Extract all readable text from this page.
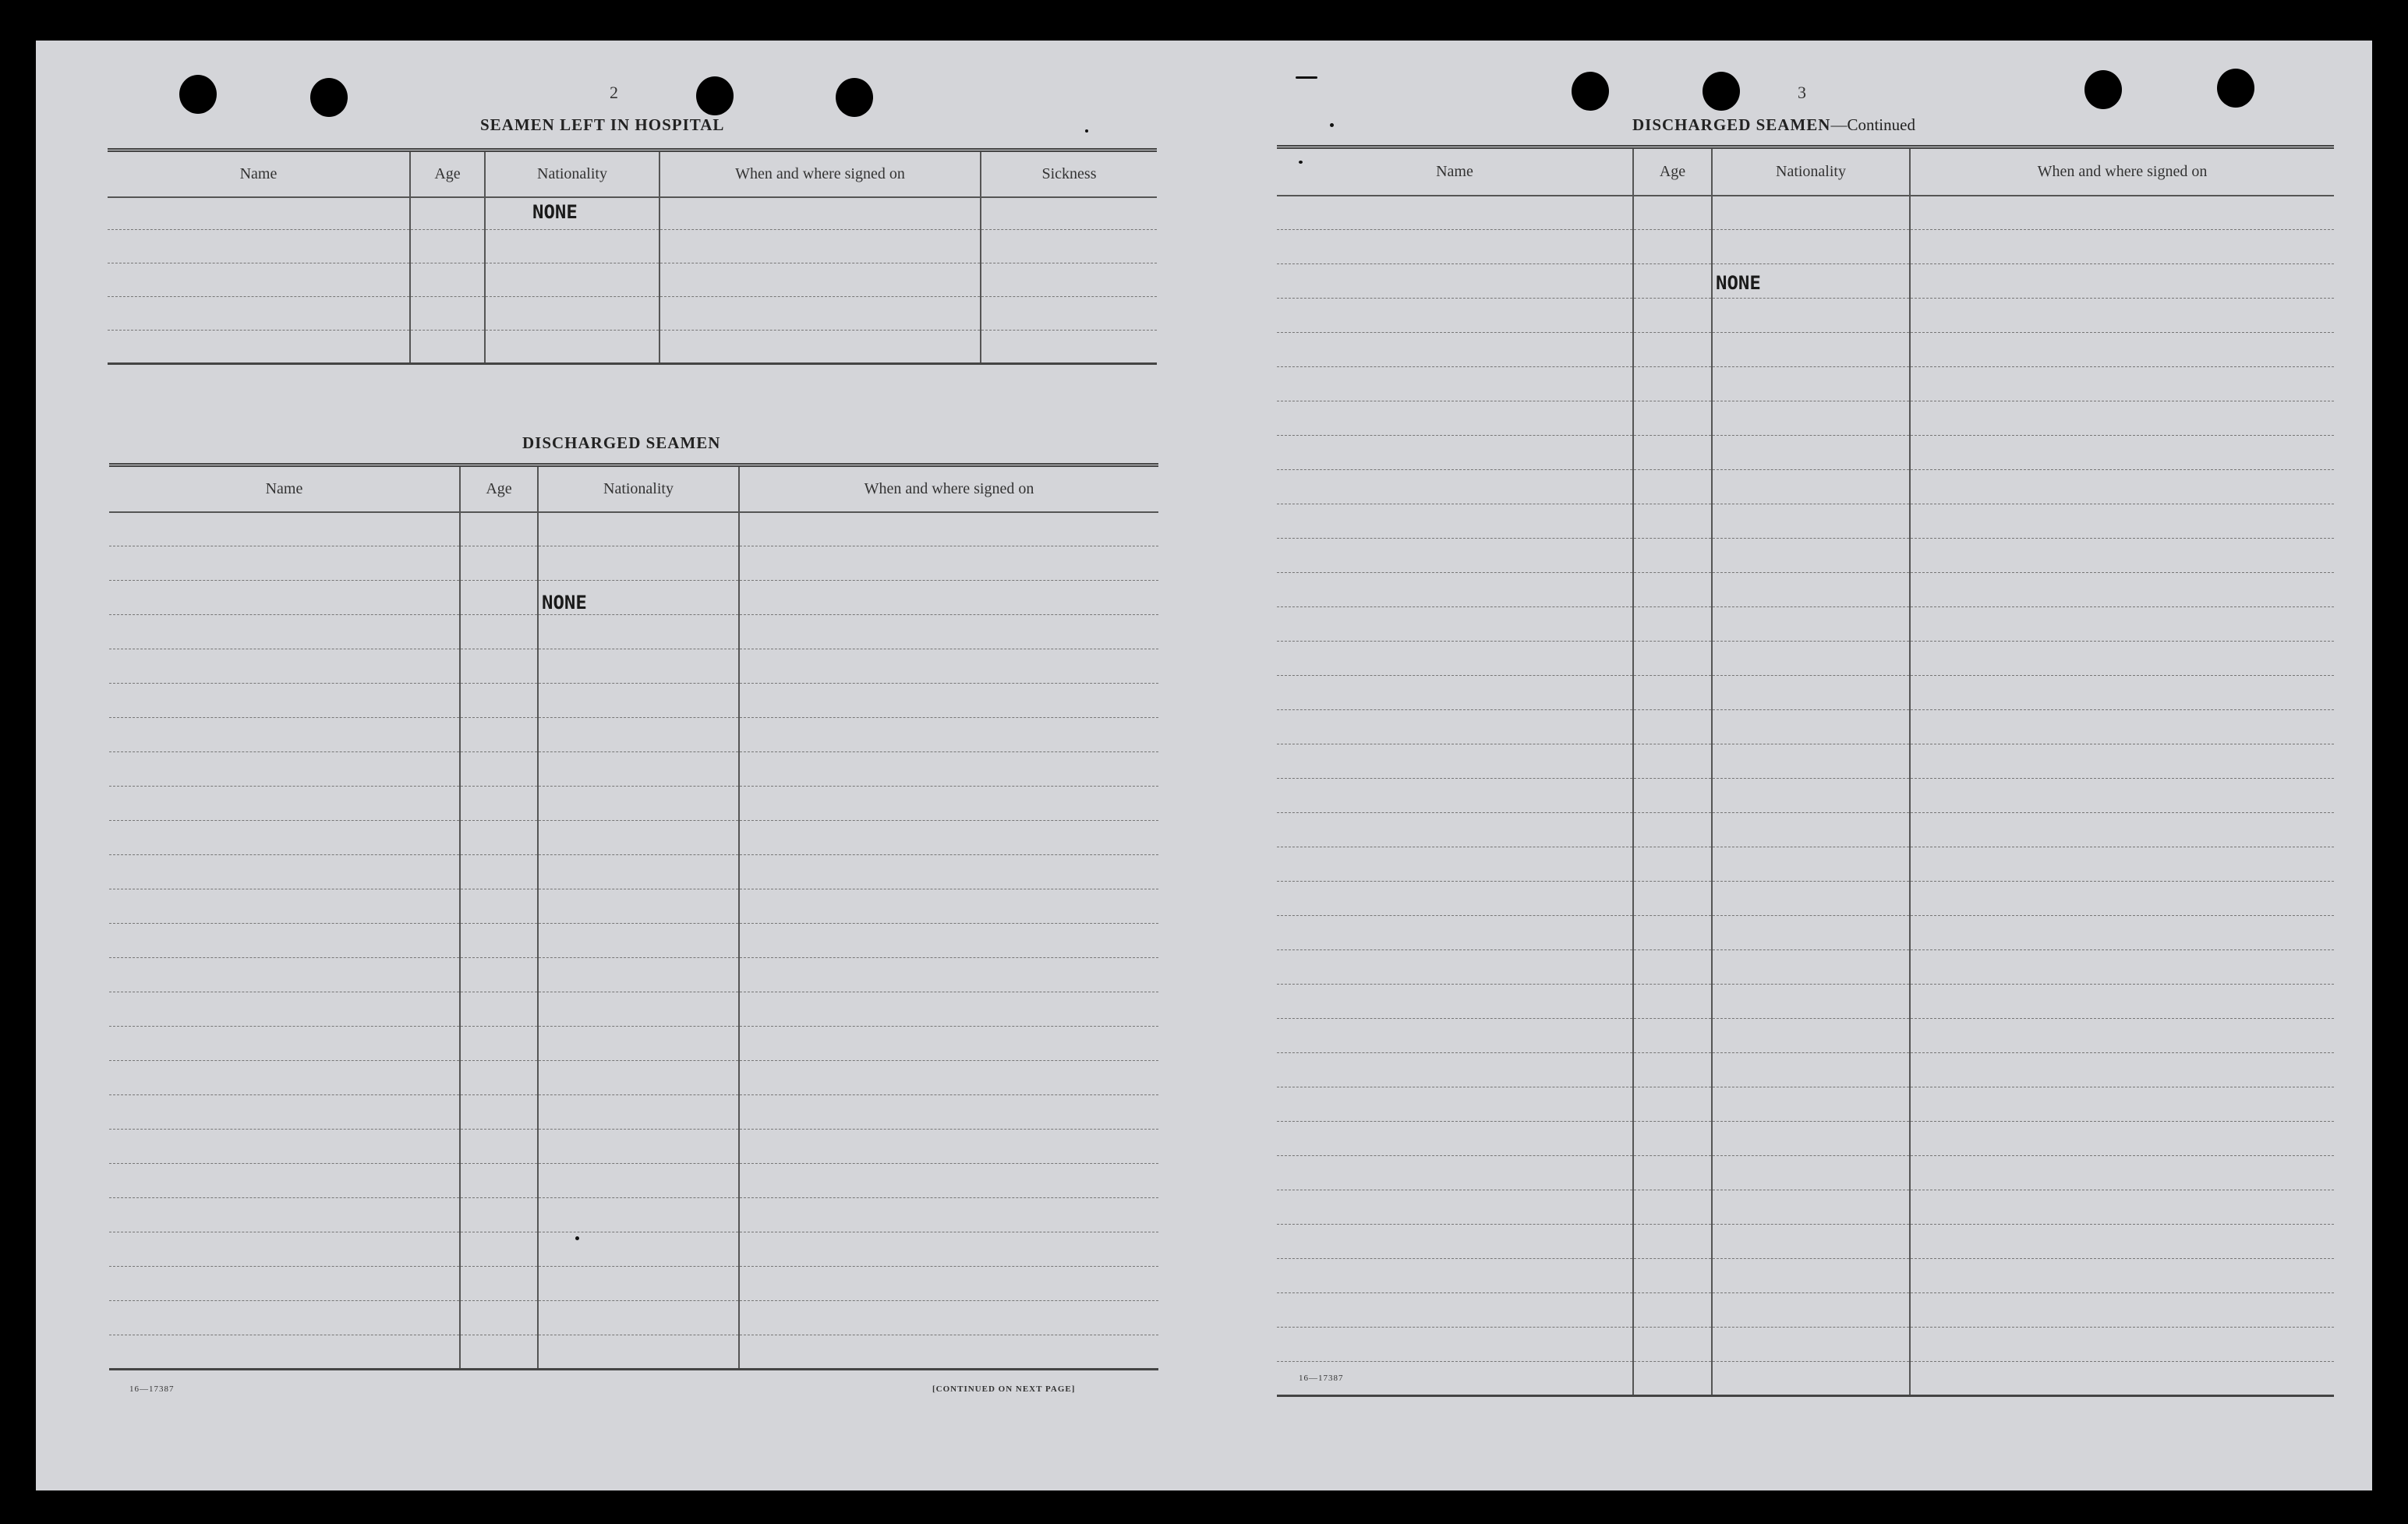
2
SEAMEN LEFT IN HOSPITAL
Name	Age	Nationality	When and where signed on	Sickness
		NONE		

DISCHARGED SEAMEN
Name	Age	Nationality	When and where signed on

		NONE	

16—17387	[CONTINUED ON NEXT PAGE]
3
DISCHARGED SEAMEN—Continued
Name	Age	Nationality	When and where signed on

		NONE	

16—17387
